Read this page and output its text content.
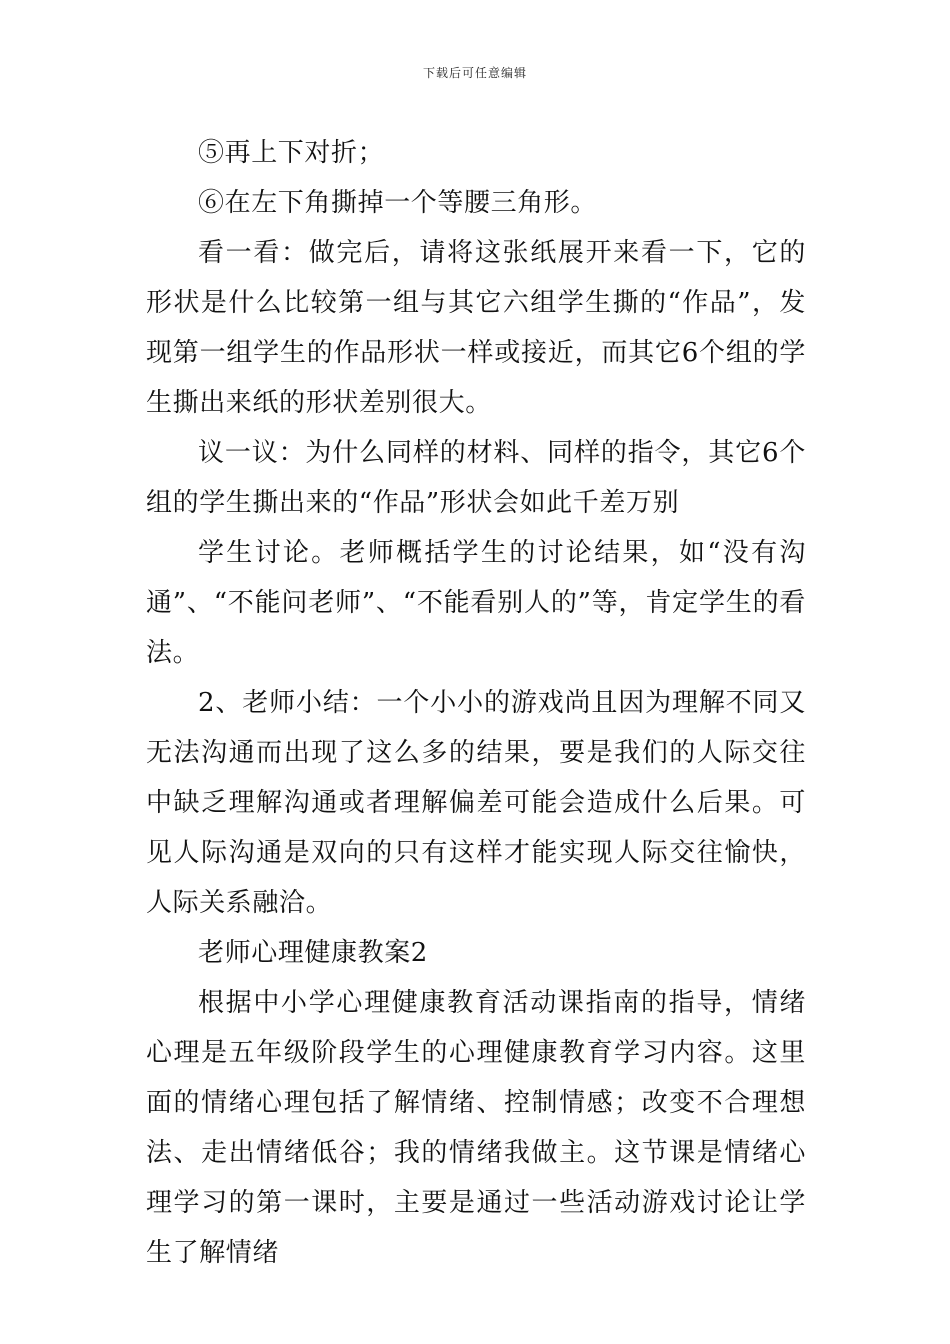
下载后可任意编辑

⑤再上下对折；

⑥在左下角撕掉一个等腰三角形。

看一看：做完后，请将这张纸展开来看一下，它的形状是什么比较第一组与其它六组学生撕的“作品”，发现第一组学生的作品形状一样或接近，而其它6个组的学生撕出来纸的形状差别很大。

议一议：为什么同样的材料、同样的指令，其它6个组的学生撕出来的“作品”形状会如此千差万别

学生讨论。老师概括学生的讨论结果，如“没有沟通”、“不能问老师”、“不能看别人的”等，肯定学生的看法。

2、老师小结：一个小小的游戏尚且因为理解不同又无法沟通而出现了这么多的结果，要是我们的人际交往中缺乏理解沟通或者理解偏差可能会造成什么后果。可见人际沟通是双向的只有这样才能实现人际交往愉快，人际关系融洽。

老师心理健康教案2

根据中小学心理健康教育活动课指南的指导，情绪心理是五年级阶段学生的心理健康教育学习内容。这里面的情绪心理包括了解情绪、控制情感；改变不合理想法、走出情绪低谷；我的情绪我做主。这节课是情绪心理学习的第一课时，主要是通过一些活动游戏讨论让学生了解情绪
